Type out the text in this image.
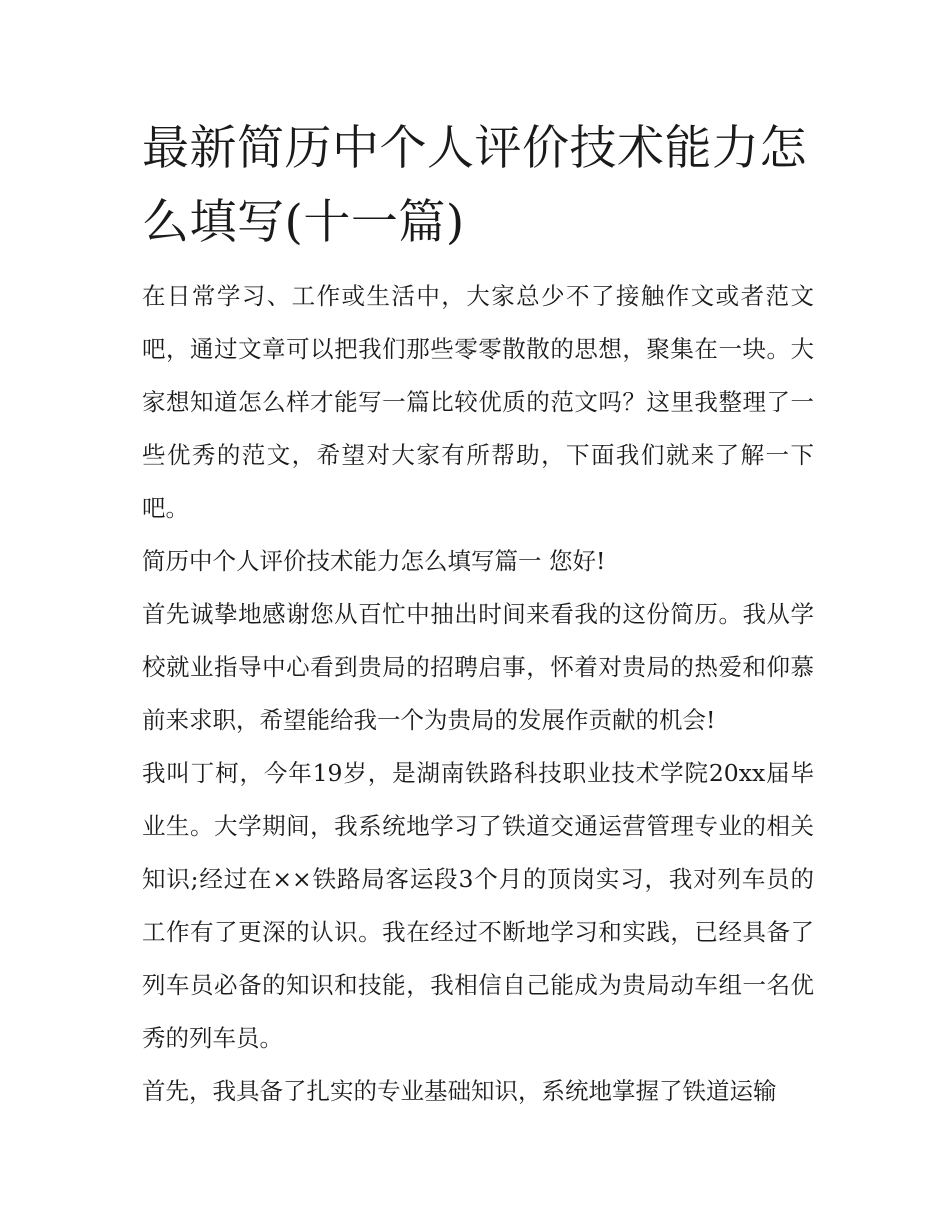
最新简历中个人评价技术能力怎么填写(十一篇)

在日常学习、工作或生活中，大家总少不了接触作文或者范文吧，通过文章可以把我们那些零零散散的思想，聚集在一块。大家想知道怎么样才能写一篇比较优质的范文吗？这里我整理了一些优秀的范文，希望对大家有所帮助，下面我们就来了解一下吧。

简历中个人评价技术能力怎么填写篇一 您好!

首先诚挚地感谢您从百忙中抽出时间来看我的这份简历。我从学校就业指导中心看到贵局的招聘启事，怀着对贵局的热爱和仰慕前来求职，希望能给我一个为贵局的发展作贡献的机会!

我叫丁柯，今年19岁，是湖南铁路科技职业技术学院20xx届毕业生。大学期间，我系统地学习了铁道交通运营管理专业的相关知识;经过在××铁路局客运段3个月的顶岗实习，我对列车员的工作有了更深的认识。我在经过不断地学习和实践，已经具备了列车员必备的知识和技能，我相信自己能成为贵局动车组一名优秀的列车员。

首先，我具备了扎实的专业基础知识，系统地掌握了铁道运输
